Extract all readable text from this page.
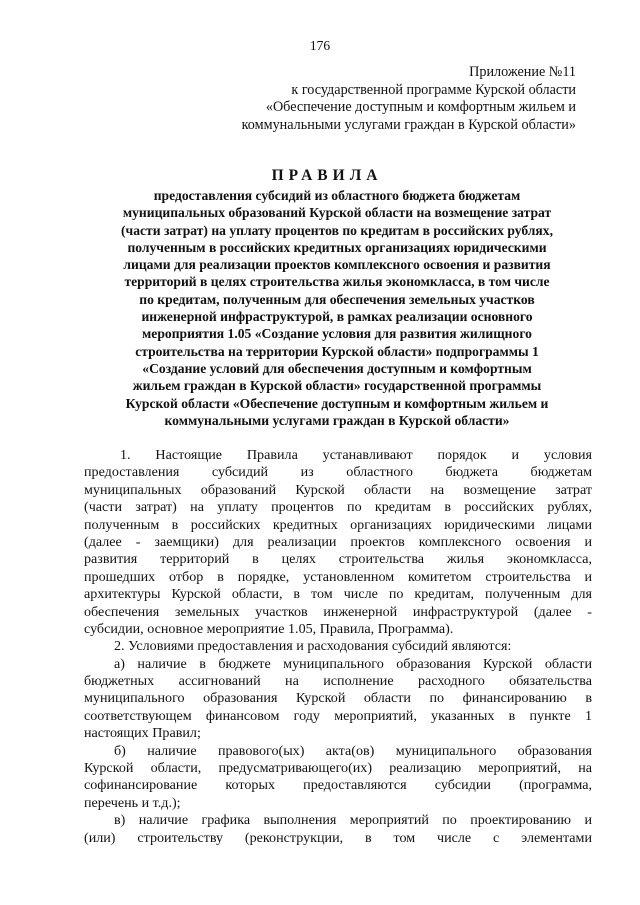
176
Приложение №11
к государственной программе Курской области
«Обеспечение доступным и комфортным жильем и
коммунальными услугами граждан в Курской области»
ПРАВИЛА
предоставления субсидий из областного бюджета бюджетам
муниципальных образований Курской области на возмещение затрат
(части затрат) на уплату процентов по кредитам в российских рублях,
полученным в российских кредитных организациях юридическими
лицами для реализации проектов комплексного освоения и развития
территорий в целях строительства жилья экономкласса, в том числе
по кредитам, полученным для обеспечения земельных участков
инженерной инфраструктурой, в рамках реализации основного
мероприятия 1.05 «Создание условия для развития жилищного
строительства на территории Курской области» подпрограммы 1
«Создание условий для обеспечения доступным и комфортным
жильем граждан в Курской области» государственной программы
Курской области «Обеспечение доступным и комфортным жильем и
коммунальными услугами граждан в Курской области»
1. Настоящие Правила устанавливают порядок и условия
предоставления субсидий из областного бюджета бюджетам
муниципальных образований Курской области на возмещение затрат
(части затрат) на уплату процентов по кредитам в российских рублях,
полученным в российских кредитных организациях юридическими лицами
(далее - заемщики) для реализации проектов комплексного освоения и
развития территорий в целях строительства жилья экономкласса,
прошедших отбор в порядке, установленном комитетом строительства и
архитектуры Курской области, в том числе по кредитам, полученным для
обеспечения земельных участков инженерной инфраструктурой (далее -
субсидии, основное мероприятие 1.05, Правила, Программа).
2. Условиями предоставления и расходования субсидий являются:
а) наличие в бюджете муниципального образования Курской области
бюджетных ассигнований на исполнение расходного обязательства
муниципального образования Курской области по финансированию в
соответствующем финансовом году мероприятий, указанных в пункте 1
настоящих Правил;
б) наличие правового(ых) акта(ов) муниципального образования
Курской области, предусматривающего(их) реализацию мероприятий, на
софинансирование которых предоставляются субсидии (программа,
перечень и т.д.);
в) наличие графика выполнения мероприятий по проектированию и
(или) строительству (реконструкции, в том числе с элементами
